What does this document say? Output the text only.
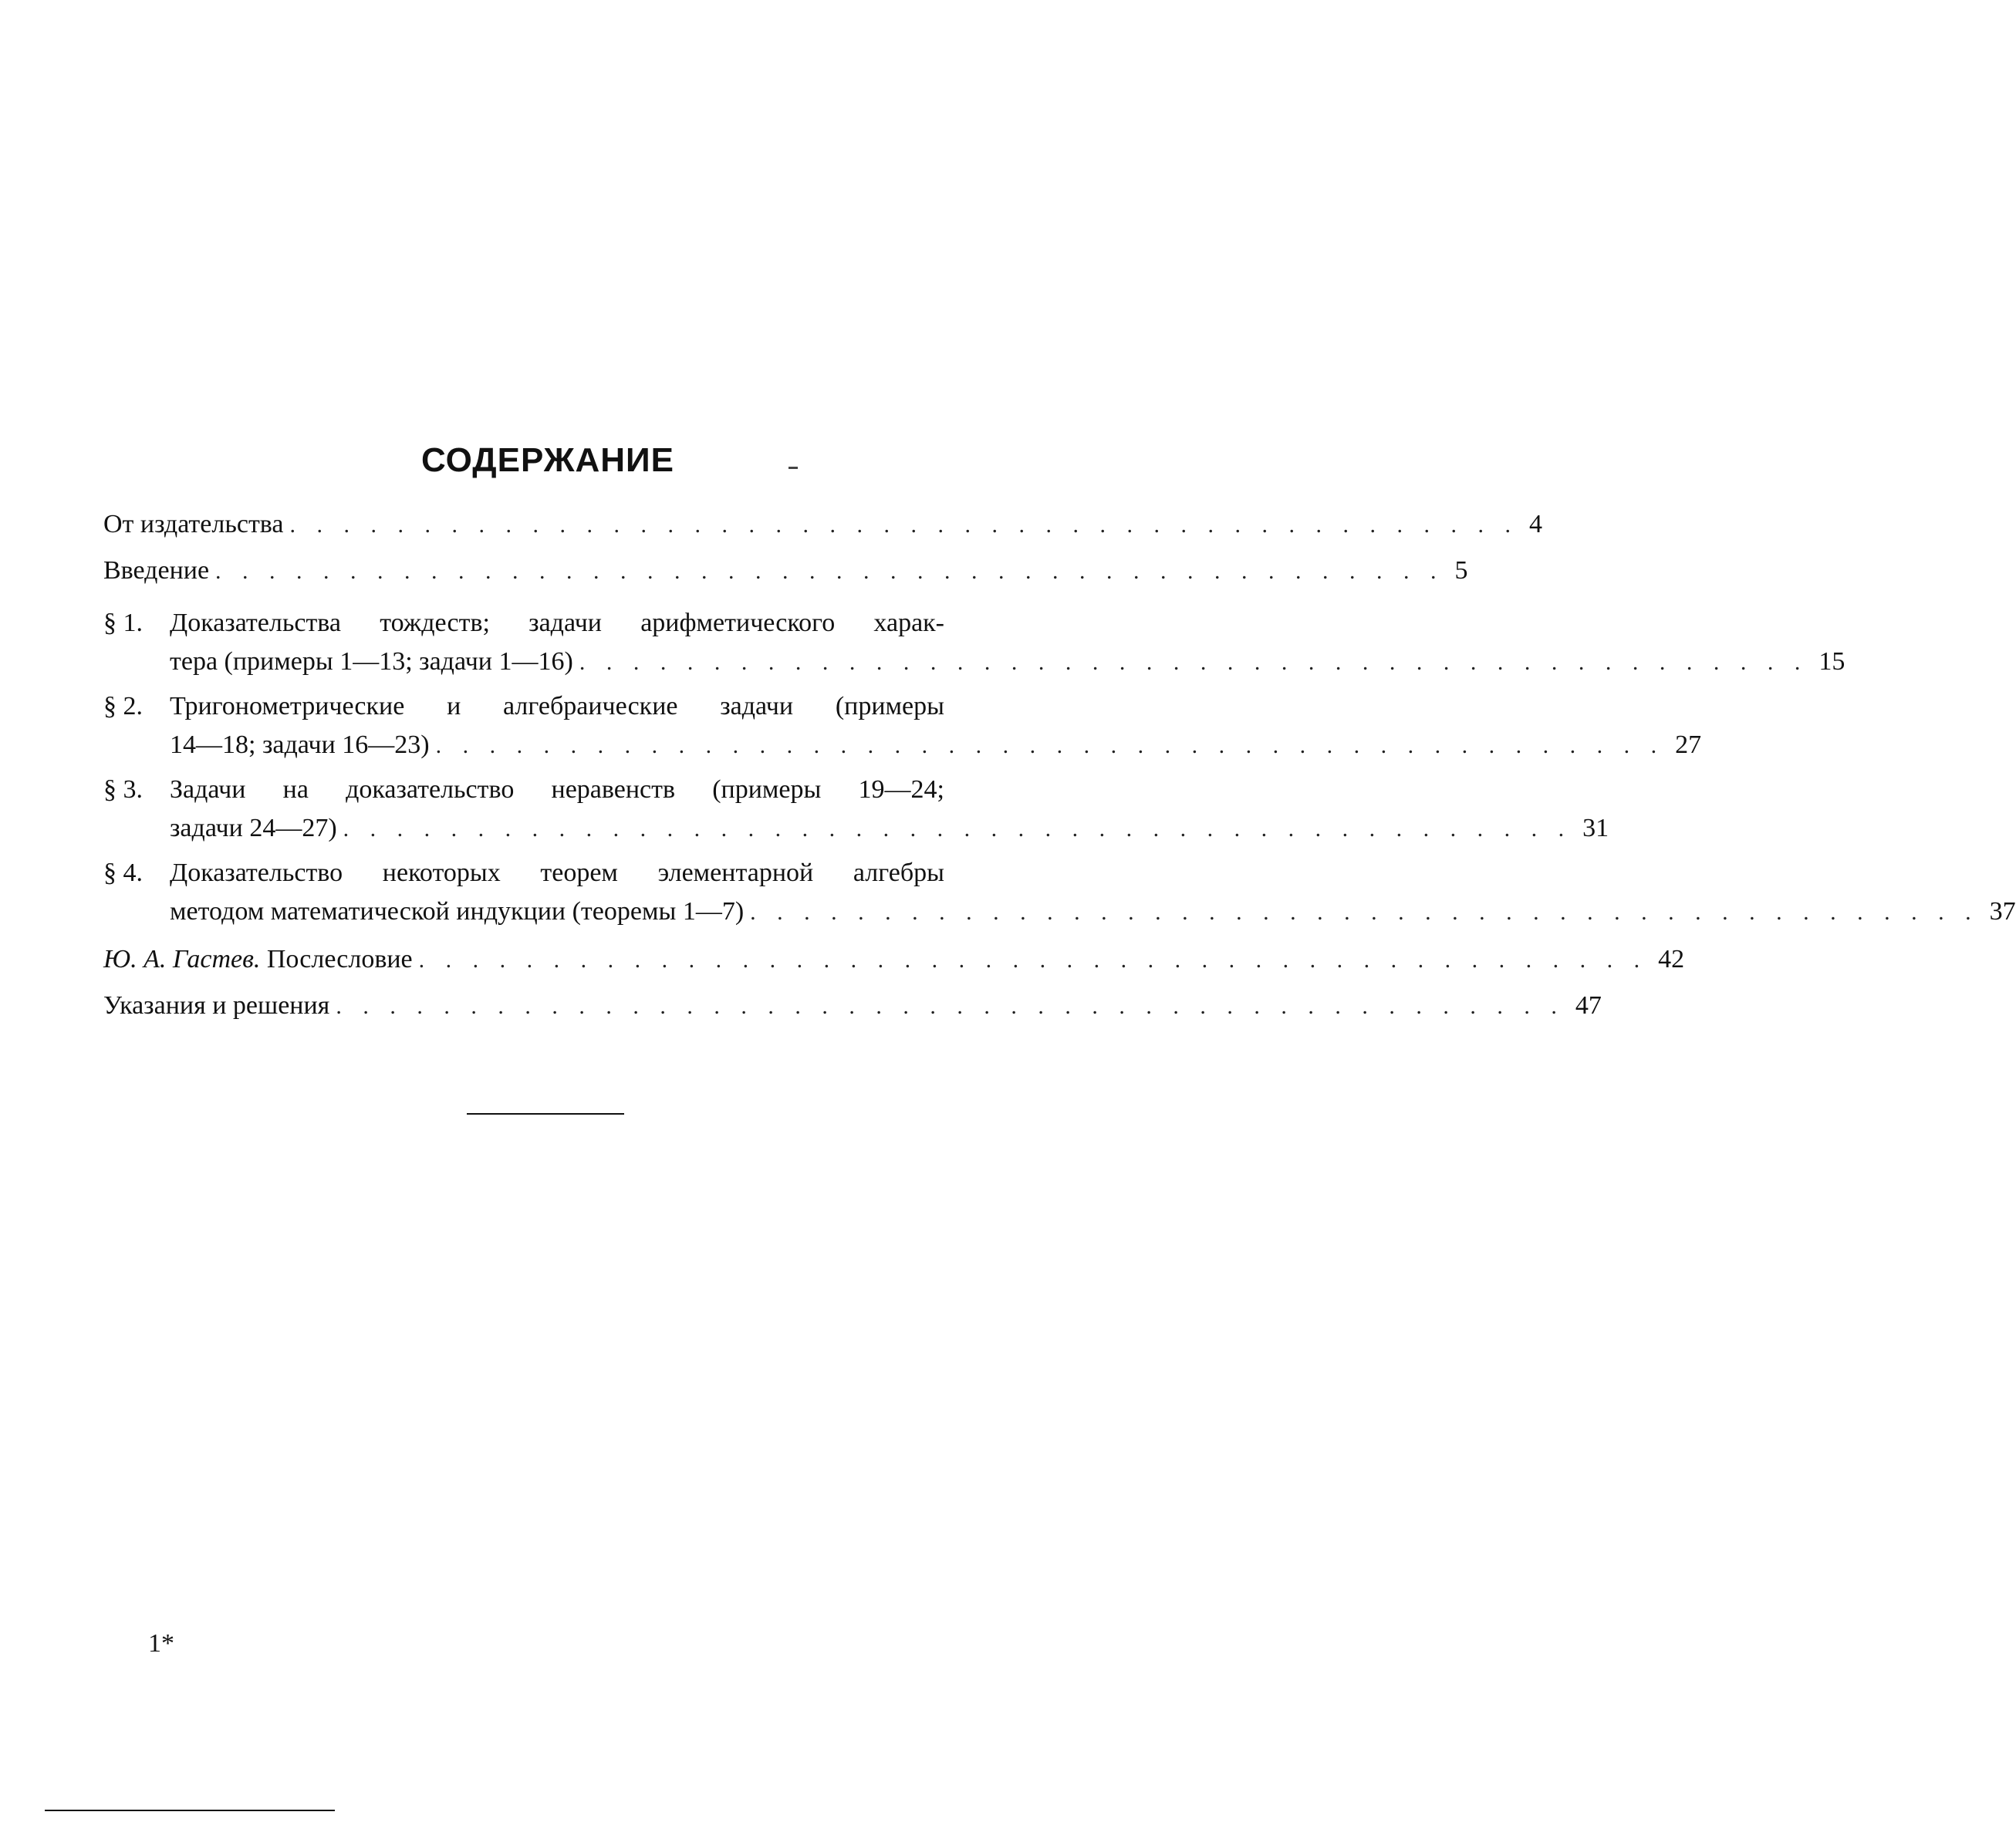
СОДЕРЖАНИЕ
От издательства . . . . . . . . . . . . . . . . . . . . . . . . . . . . . . . . . . . . . . . . . . . . . . 4
Введение . . . . . . . . . . . . . . . . . . . . . . . . . . . . . . . . . . . . . . . . . . . . . . 5
§ 1.	Доказательства тождеств; задачи арифметического харак-
тера (примеры 1—13; задачи 1—16) . . . . . . . . . . . . . . . . . . . . . . . . . . . . . . . . . . . . . . . . . . . . . . 15
§ 2.	Тригонометрические и алгебраические задачи (примеры
14—18; задачи 16—23) . . . . . . . . . . . . . . . . . . . . . . . . . . . . . . . . . . . . . . . . . . . . . . 27
§ 3.	Задачи на доказательство неравенств (примеры 19—24;
задачи 24—27) . . . . . . . . . . . . . . . . . . . . . . . . . . . . . . . . . . . . . . . . . . . . . . 31
§ 4.	Доказательство некоторых теорем элементарной алгебры
методом математической индукции (теоремы 1—7) . . . . . . . . . . . . . . . . . . . . . . . . . . . . . . . . . . . . . . . . . . . . . . 37
Ю. А. Гастев. Послесловие . . . . . . . . . . . . . . . . . . . . . . . . . . . . . . . . . . . . . . . . . . . . . . 42
Указания и решения . . . . . . . . . . . . . . . . . . . . . . . . . . . . . . . . . . . . . . . . . . . . . . 47
1*
